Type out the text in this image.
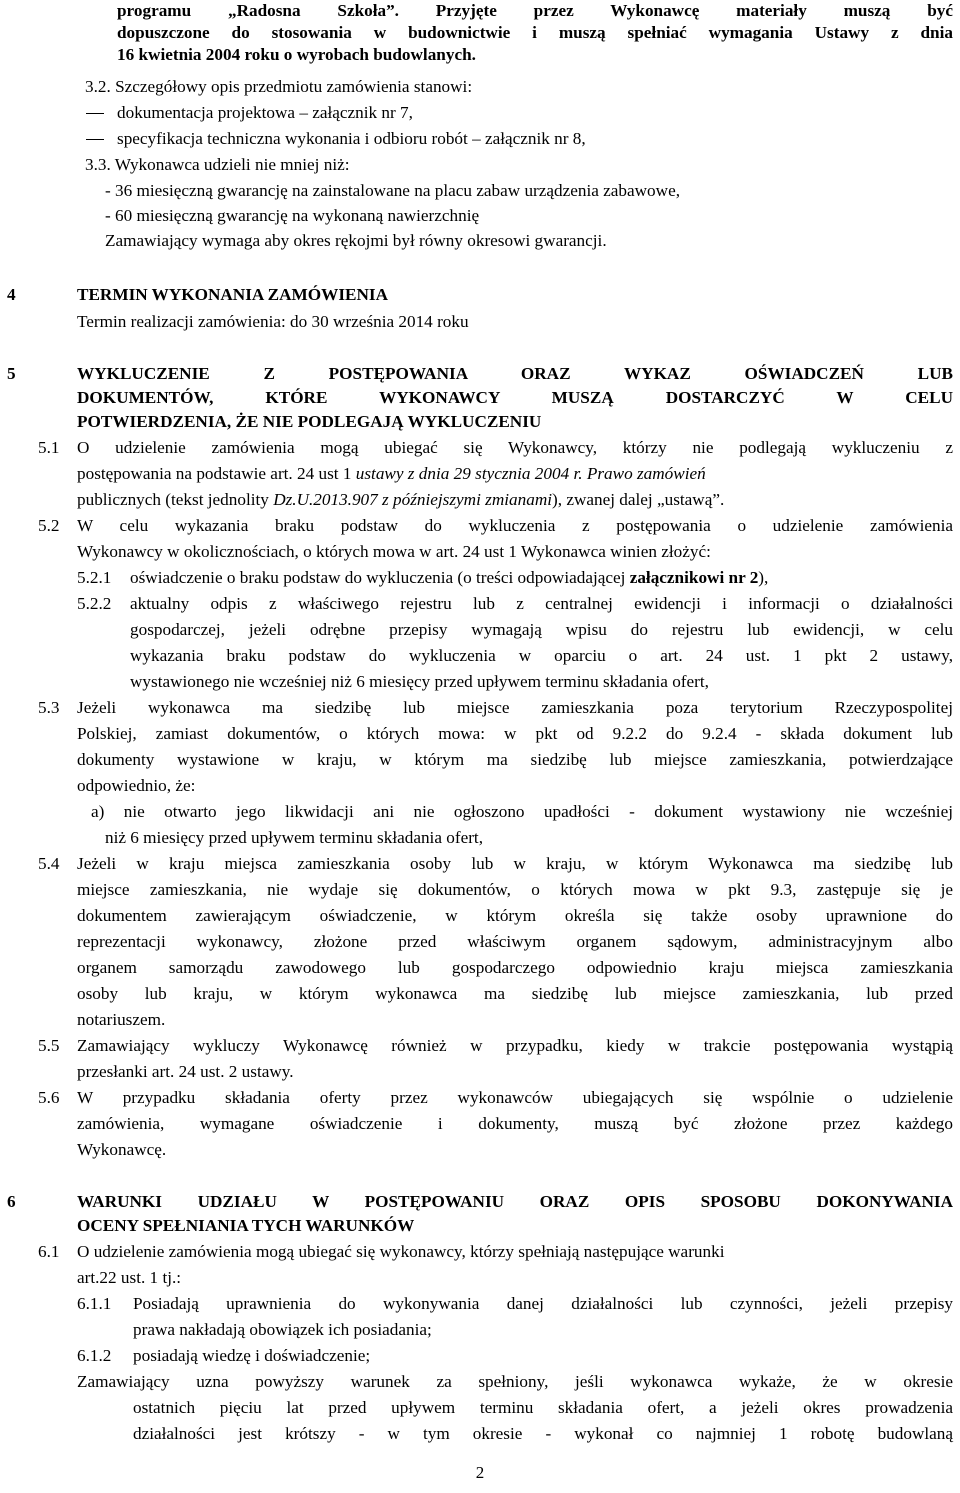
programu „Radosna Szkoła”. Przyjęte przez Wykonawcę materiały muszą być
dopuszczone do stosowania w budownictwie i muszą spełniać wymagania Ustawy z dnia
16 kwietnia 2004 roku o wyrobach budowlanych.
3.2. Szczegółowy opis przedmiotu zamówienia stanowi:
dokumentacja projektowa – załącznik nr 7,
specyfikacja techniczna wykonania i odbioru robót – załącznik nr 8,
3.3. Wykonawca udzieli nie mniej niż:
- 36 miesięczną gwarancję na zainstalowane na placu zabaw urządzenia zabawowe,
- 60 miesięczną gwarancję na wykonaną nawierzchnię
Zamawiający wymaga aby okres rękojmi był równy okresowi gwarancji.
4	TERMIN WYKONANIA ZAMÓWIENIA
Termin realizacji zamówienia: do 30 września 2014 roku
5	WYKLUCZENIE Z POSTĘPOWANIA ORAZ WYKAZ OŚWIADCZEŃ LUB
DOKUMENTÓW, KTÓRE WYKONAWCY MUSZĄ DOSTARCZYĆ W CELU
POTWIERDZENIA, ŻE NIE PODLEGAJĄ WYKLUCZENIU
5.1 O udzielenie zamówienia mogą ubiegać się Wykonawcy, którzy nie podlegają wykluczeniu z
postępowania na podstawie art. 24 ust 1 ustawy z dnia 29 stycznia 2004 r. Prawo zamówień
publicznych (tekst jednolity Dz.U.2013.907 z późniejszymi zmianami), zwanej dalej „ustawą”.
5.2 W celu wykazania braku podstaw do wykluczenia z postępowania o udzielenie zamówienia
Wykonawcy w okolicznościach, o których mowa w art. 24 ust 1 Wykonawca winien złożyć:
5.2.1 oświadczenie o braku podstaw do wykluczenia (o treści odpowiadającej załącznikowi nr 2),
5.2.2 aktualny odpis z właściwego rejestru lub z centralnej ewidencji i informacji o działalności
gospodarczej, jeżeli odrębne przepisy wymagają wpisu do rejestru lub ewidencji, w celu
wykazania braku podstaw do wykluczenia w oparciu o art. 24 ust. 1 pkt 2 ustawy,
wystawionego nie wcześniej niż 6 miesięcy przed upływem terminu składania ofert,
5.3 Jeżeli wykonawca ma siedzibę lub miejsce zamieszkania poza terytorium Rzeczypospolitej
Polskiej, zamiast dokumentów, o których mowa: w pkt od 9.2.2 do 9.2.4 - składa dokument lub
dokumenty wystawione w kraju, w którym ma siedzibę lub miejsce zamieszkania, potwierdzające
odpowiednio, że:
a) nie otwarto jego likwidacji ani nie ogłoszono upadłości - dokument wystawiony nie wcześniej
niż 6 miesięcy przed upływem terminu składania ofert,
5.4 Jeżeli w kraju miejsca zamieszkania osoby lub w kraju, w którym Wykonawca ma siedzibę lub
miejsce zamieszkania, nie wydaje się dokumentów, o których mowa w pkt 9.3, zastępuje się je
dokumentem zawierającym oświadczenie, w którym określa się także osoby uprawnione do
reprezentacji wykonawcy, złożone przed właściwym organem sądowym, administracyjnym albo
organem samorządu zawodowego lub gospodarczego odpowiednio kraju miejsca zamieszkania
osoby lub kraju, w którym wykonawca ma siedzibę lub miejsce zamieszkania, lub przed
notariuszem.
5.5 Zamawiający wykluczy Wykonawcę również w przypadku, kiedy w trakcie postępowania wystąpią
przesłanki art. 24 ust. 2 ustawy.
5.6 W przypadku składania oferty przez wykonawców ubiegających się wspólnie o udzielenie
zamówienia, wymagane oświadczenie i dokumenty, muszą być złożone przez każdego
Wykonawcę.
6	WARUNKI UDZIAŁU W POSTĘPOWANIU ORAZ OPIS SPOSOBU DOKONYWANIA
OCENY SPEŁNIANIA TYCH WARUNKÓW
6.1 O udzielenie zamówienia mogą ubiegać się wykonawcy, którzy spełniają następujące warunki
art.22 ust. 1 tj.:
6.1.1 Posiadają uprawnienia do wykonywania danej działalności lub czynności, jeżeli przepisy
prawa nakładają obowiązek ich posiadania;
6.1.2 posiadają wiedzę i doświadczenie;
Zamawiający uzna powyższy warunek za spełniony, jeśli wykonawca wykaże, że w okresie
ostatnich pięciu lat przed upływem terminu składania ofert, a jeżeli okres prowadzenia
działalności jest krótszy - w tym okresie - wykonał co najmniej 1 robotę budowlaną
2
